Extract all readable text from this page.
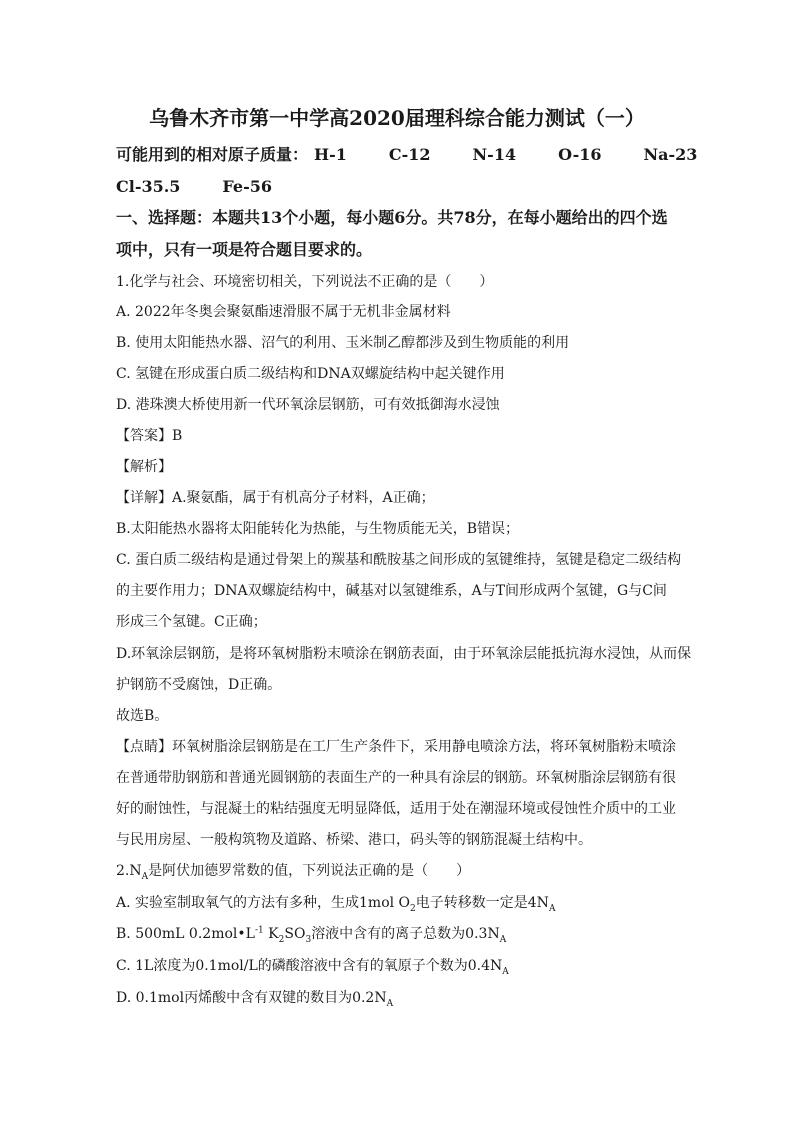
乌鲁木齐市第一中学高2020届理科综合能力测试（一）
可能用到的相对原子质量： H-1	C-12	N-14	O-16	Na-23
Cl-35.5	Fe-56
一、选择题：本题共13个小题，每小题6分。共78分，在每小题给出的四个选
项中，只有一项是符合题目要求的。
1.化学与社会、环境密切相关，下列说法不正确的是（　　）
A. 2022年冬奥会聚氨酯速滑服不属于无机非金属材料
B. 使用太阳能热水器、沼气的利用、玉米制乙醇都涉及到生物质能的利用
C. 氢键在形成蛋白质二级结构和DNA双螺旋结构中起关键作用
D. 港珠澳大桥使用新一代环氧涂层钢筋，可有效抵御海水浸蚀
【答案】B
【解析】
【详解】A.聚氨酯，属于有机高分子材料，A正确；
B.太阳能热水器将太阳能转化为热能，与生物质能无关，B错误；
C. 蛋白质二级结构是通过骨架上的羰基和酰胺基之间形成的氢键维持，氢键是稳定二级结构
的主要作用力；DNA双螺旋结构中，碱基对以氢键维系，A与T间形成两个氢键，G与C间
形成三个氢键。C正确；
D.环氧涂层钢筋，是将环氧树脂粉末喷涂在钢筋表面，由于环氧涂层能抵抗海水浸蚀，从而保
护钢筋不受腐蚀，D正确。
故选B。
【点睛】环氧树脂涂层钢筋是在工厂生产条件下，采用静电喷涂方法，将环氧树脂粉末喷涂
在普通带肋钢筋和普通光圆钢筋的表面生产的一种具有涂层的钢筋。环氧树脂涂层钢筋有很
好的耐蚀性，与混凝土的粘结强度无明显降低，适用于处在潮湿环境或侵蚀性介质中的工业
与民用房屋、一般构筑物及道路、桥梁、港口，码头等的钢筋混凝土结构中。
$2.N_A$是阿伏加德罗常数的值，下列说法正确的是（　　）
A. 实验室制取氧气的方法有多种，生成1mol $O_2$电子转移数一定是$4N_A$
B. 500mL $0.2mol•L^{-1}$ $K_2SO_3$溶液中含有的离子总数为$0.3N_A$
C. 1L浓度为0.1mol/L的磷酸溶液中含有的氧原子个数为$0.4N_A$
D. 0.1mol丙烯酸中含有双键的数目为$0.2N_A$
